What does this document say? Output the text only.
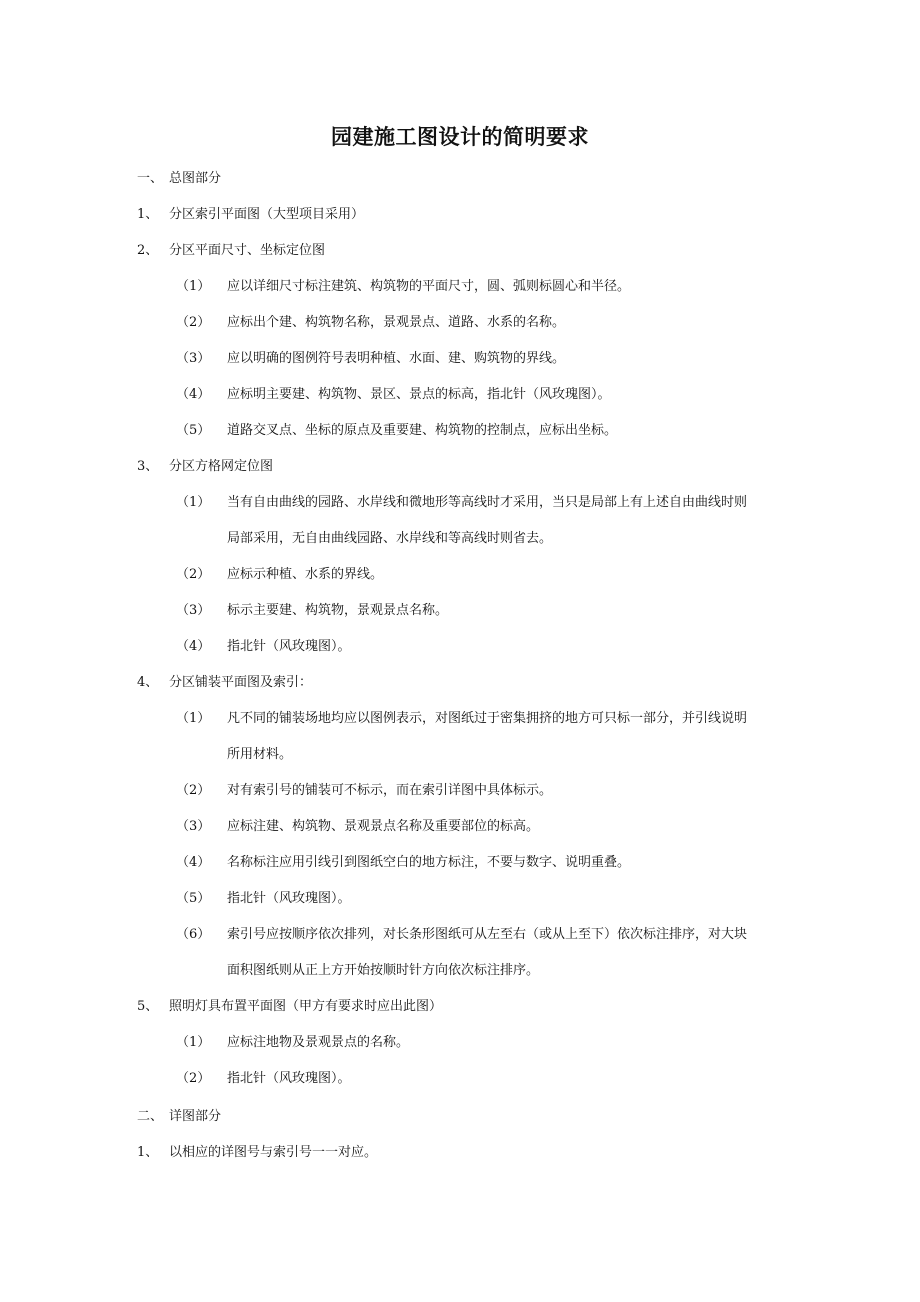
园建施工图设计的简明要求
一、 总图部分
1、 分区索引平面图（大型项目采用）
2、 分区平面尺寸、坐标定位图
（1） 应以详细尺寸标注建筑、构筑物的平面尺寸，圆、弧则标圆心和半径。
（2） 应标出个建、构筑物名称，景观景点、道路、水系的名称。
（3） 应以明确的图例符号表明种植、水面、建、购筑物的界线。
（4） 应标明主要建、构筑物、景区、景点的标高，指北针（风玫瑰图）。
（5） 道路交叉点、坐标的原点及重要建、构筑物的控制点，应标出坐标。
3、 分区方格网定位图
（1） 当有自由曲线的园路、水岸线和微地形等高线时才采用，当只是局部上有上述自由曲线时则
局部采用，无自由曲线园路、水岸线和等高线时则省去。
（2） 应标示种植、水系的界线。
（3） 标示主要建、构筑物，景观景点名称。
（4） 指北针（风玫瑰图）。
4、 分区铺装平面图及索引：
（1） 凡不同的铺装场地均应以图例表示，对图纸过于密集拥挤的地方可只标一部分，并引线说明
所用材料。
（2） 对有索引号的铺装可不标示，而在索引详图中具体标示。
（3） 应标注建、构筑物、景观景点名称及重要部位的标高。
（4） 名称标注应用引线引到图纸空白的地方标注，不要与数字、说明重叠。
（5） 指北针（风玫瑰图）。
（6） 索引号应按顺序依次排列，对长条形图纸可从左至右（或从上至下）依次标注排序，对大块
面积图纸则从正上方开始按顺时针方向依次标注排序。
5、 照明灯具布置平面图（甲方有要求时应出此图）
（1） 应标注地物及景观景点的名称。
（2） 指北针（风玫瑰图）。
二、 详图部分
1、 以相应的详图号与索引号一一对应。
